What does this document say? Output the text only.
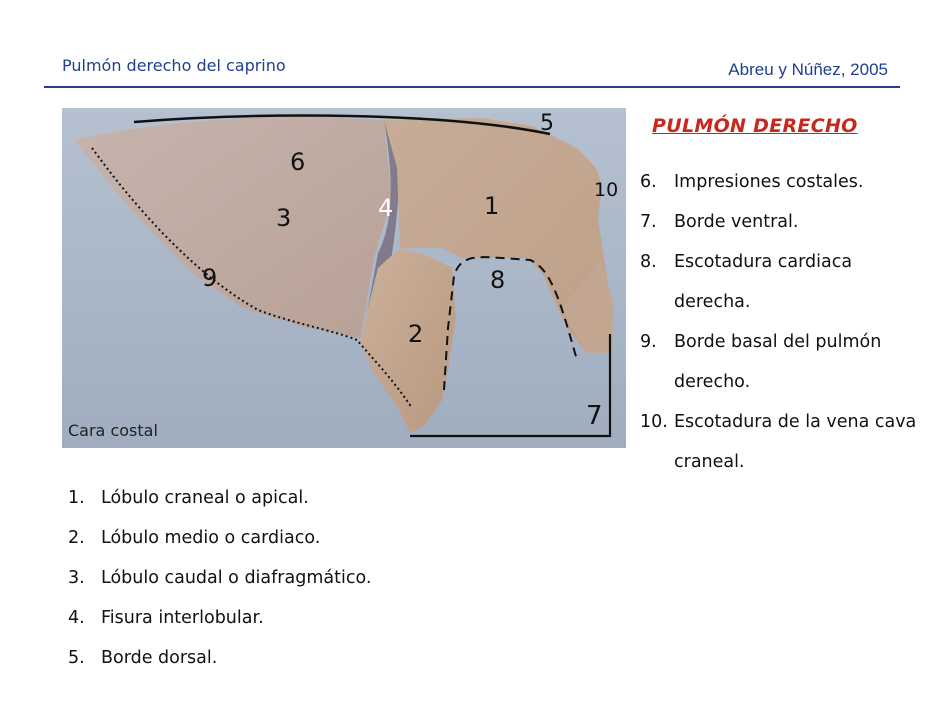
Pulmón derecho del caprino	Abreu y Núñez, 2005
6
3	4	1
5
10
9	8
2
7
Cara costal
PULMÓN DERECHO
6. Impresiones costales.
7. Borde ventral.
8. Escotadura cardiaca derecha.
9. Borde basal del pulmón derecho.
10. Escotadura de la vena cava craneal.
1. Lóbulo craneal o apical.
2. Lóbulo medio o cardiaco.
3. Lóbulo caudal o diafragmático.
4. Fisura interlobular.
5. Borde dorsal.
